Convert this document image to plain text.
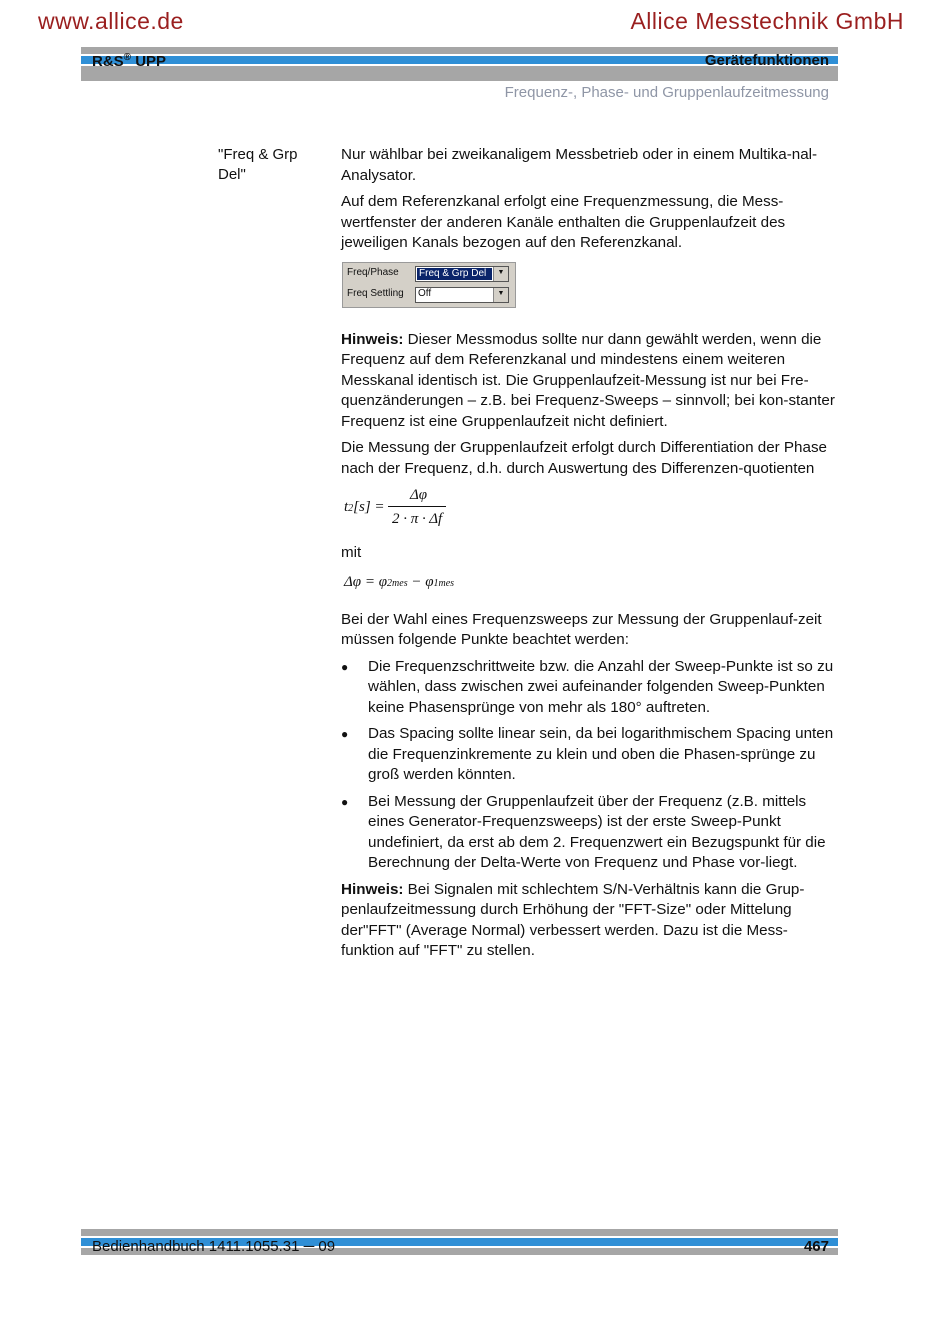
www.allice.de	Allice Messtechnik GmbH
R&S® UPP	Gerätefunktionen
Frequenz-, Phase- und Gruppenlaufzeitmessung
"Freq & Grp Del"

Nur wählbar bei zweikanaligem Messbetrieb oder in einem Multika-nal-Analysator.

Auf dem Referenzkanal erfolgt eine Frequenzmessung, die Mess-wertfenster der anderen Kanäle enthalten die Gruppenlaufzeit des jeweiligen Kanals bezogen auf den Referenzkanal.

Freq/Phase	Freq & Grp Del	▼
Freq Settling	Off	▼

Hinweis: Dieser Messmodus sollte nur dann gewählt werden, wenn die Frequenz auf dem Referenzkanal und mindestens einem weiteren Messkanal identisch ist. Die Gruppenlaufzeit-Messung ist nur bei Fre-quenzänderungen – z.B. bei Frequenz-Sweeps – sinnvoll; bei kon-stanter Frequenz ist eine Gruppenlaufzeit nicht definiert.

Die Messung der Gruppenlaufzeit erfolgt durch Differentiation der Phase nach der Frequenz, d.h. durch Auswertung des Differenzen-quotienten

t2[s] =
Δφ
2 · π · Δf

mit

Δφ = φ2mes − φ1mes

Bei der Wahl eines Frequenzsweeps zur Messung der Gruppenlauf-zeit müssen folgende Punkte beachtet werden:

● Die Frequenzschrittweite bzw. die Anzahl der Sweep-Punkte ist so zu wählen, dass zwischen zwei aufeinander folgenden Sweep-Punkten keine Phasensprünge von mehr als 180° auftreten.
● Das Spacing sollte linear sein, da bei logarithmischem Spacing unten die Frequenzinkremente zu klein und oben die Phasen-sprünge zu groß werden könnten.
● Bei Messung der Gruppenlaufzeit über der Frequenz (z.B. mittels eines Generator-Frequenzsweeps) ist der erste Sweep-Punkt undefiniert, da erst ab dem 2. Frequenzwert ein Bezugspunkt für die Berechnung der Delta-Werte von Frequenz und Phase vor-liegt.

Hinweis: Bei Signalen mit schlechtem S/N-Verhältnis kann die Grup-penlaufzeitmessung durch Erhöhung der "FFT-Size" oder Mittelung der"FFT" (Average Normal) verbessert werden. Dazu ist die Mess-funktion auf "FFT" zu stellen.

Bedienhandbuch 1411.1055.31 ─ 09	467
